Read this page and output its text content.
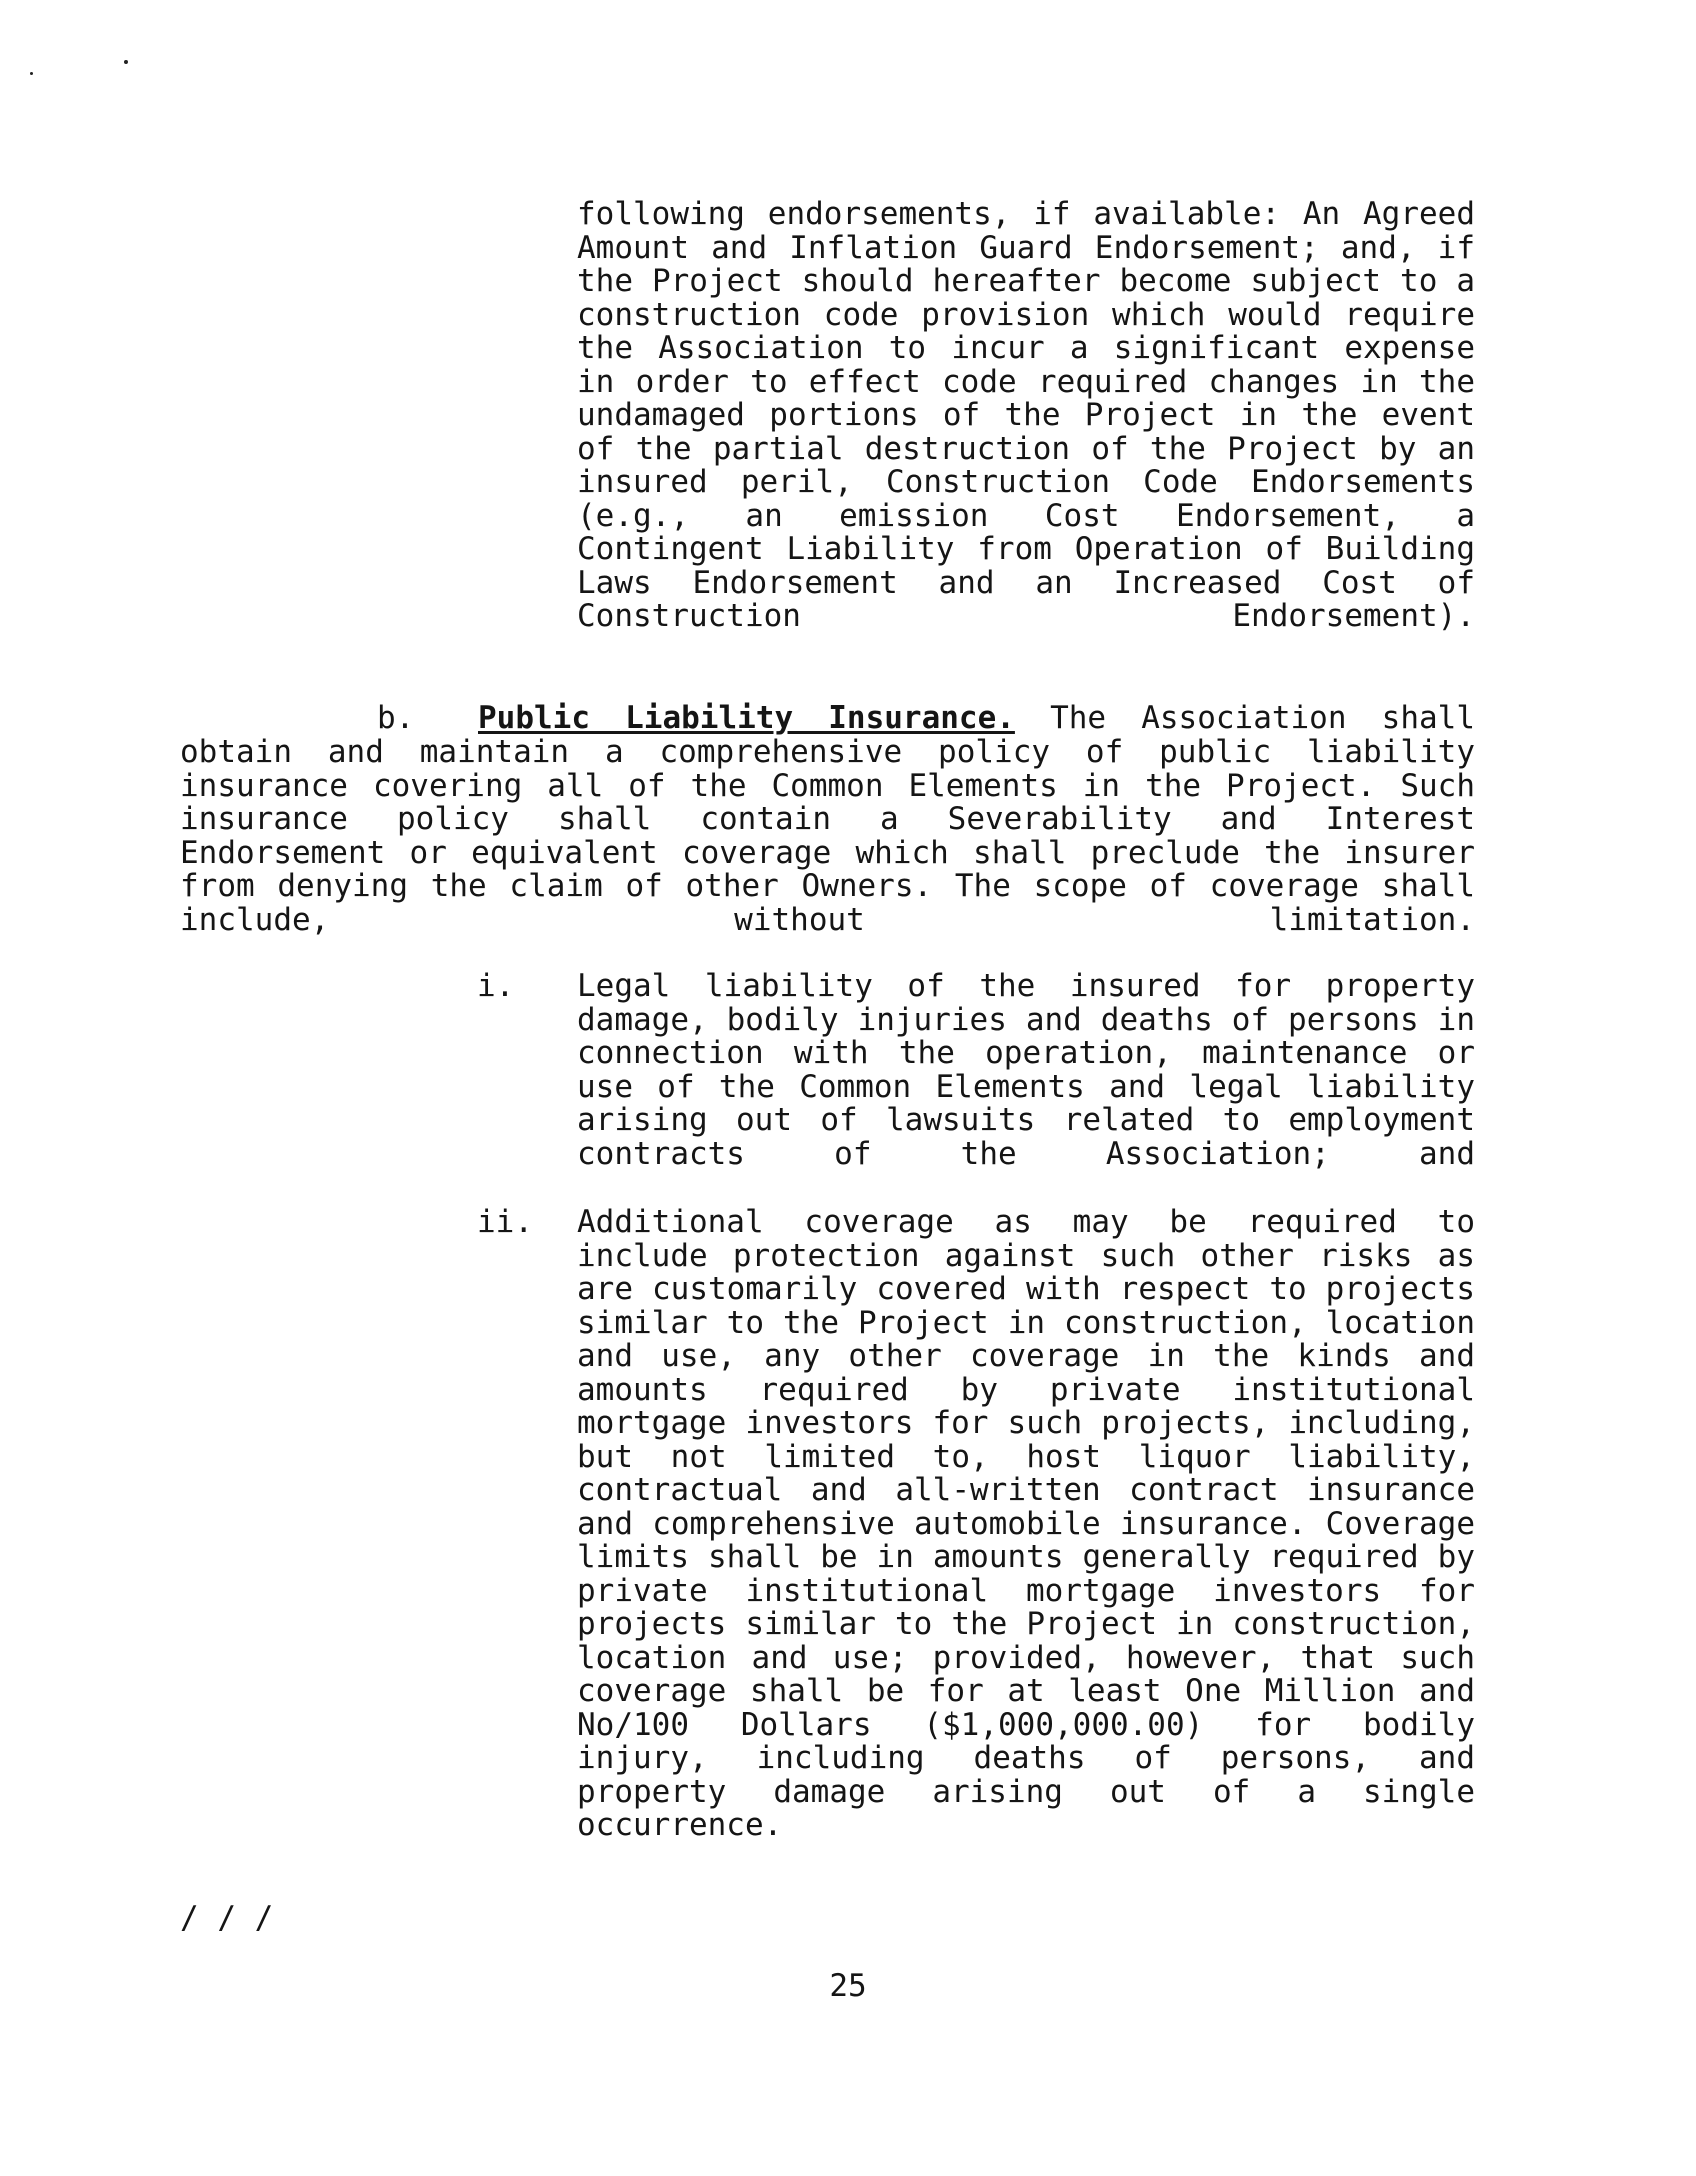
following endorsements, if available: An Agreed Amount and Inflation Guard Endorsement; and, if the Project should hereafter become subject to a construction code provision which would require the Association to incur a significant expense in order to effect code required changes in the undamaged portions of the Project in the event of the partial destruction of the Project by an insured peril, Construction Code Endorsements (e.g., an emission Cost Endorsement, a Contingent Liability from Operation of Building Laws Endorsement and an Increased Cost of Construction Endorsement).

b. Public Liability Insurance. The Association shall

obtain and maintain a comprehensive policy of public liability insurance covering all of the Common Elements in the Project. Such insurance policy shall contain a Severability and Interest Endorsement or equivalent coverage which shall preclude the insurer from denying the claim of other Owners. The scope of coverage shall include, without limitation.

i. Legal liability of the insured for property damage, bodily injuries and deaths of persons in connection with the operation, maintenance or use of the Common Elements and legal liability arising out of lawsuits related to employment contracts of the Association; and

ii. Additional coverage as may be required to include protection against such other risks as are customarily covered with respect to projects similar to the Project in construction, location and use, any other coverage in the kinds and amounts required by private institutional mortgage investors for such projects, including, but not limited to, host liquor liability, contractual and all-written contract insurance and comprehensive automobile insurance. Coverage limits shall be in amounts generally required by private institutional mortgage investors for projects similar to the Project in construction, location and use; provided, however, that such coverage shall be for at least One Million and No/100 Dollars ($1,000,000.00) for bodily injury, including deaths of persons, and property damage arising out of a single occurrence.

/ / /
25
